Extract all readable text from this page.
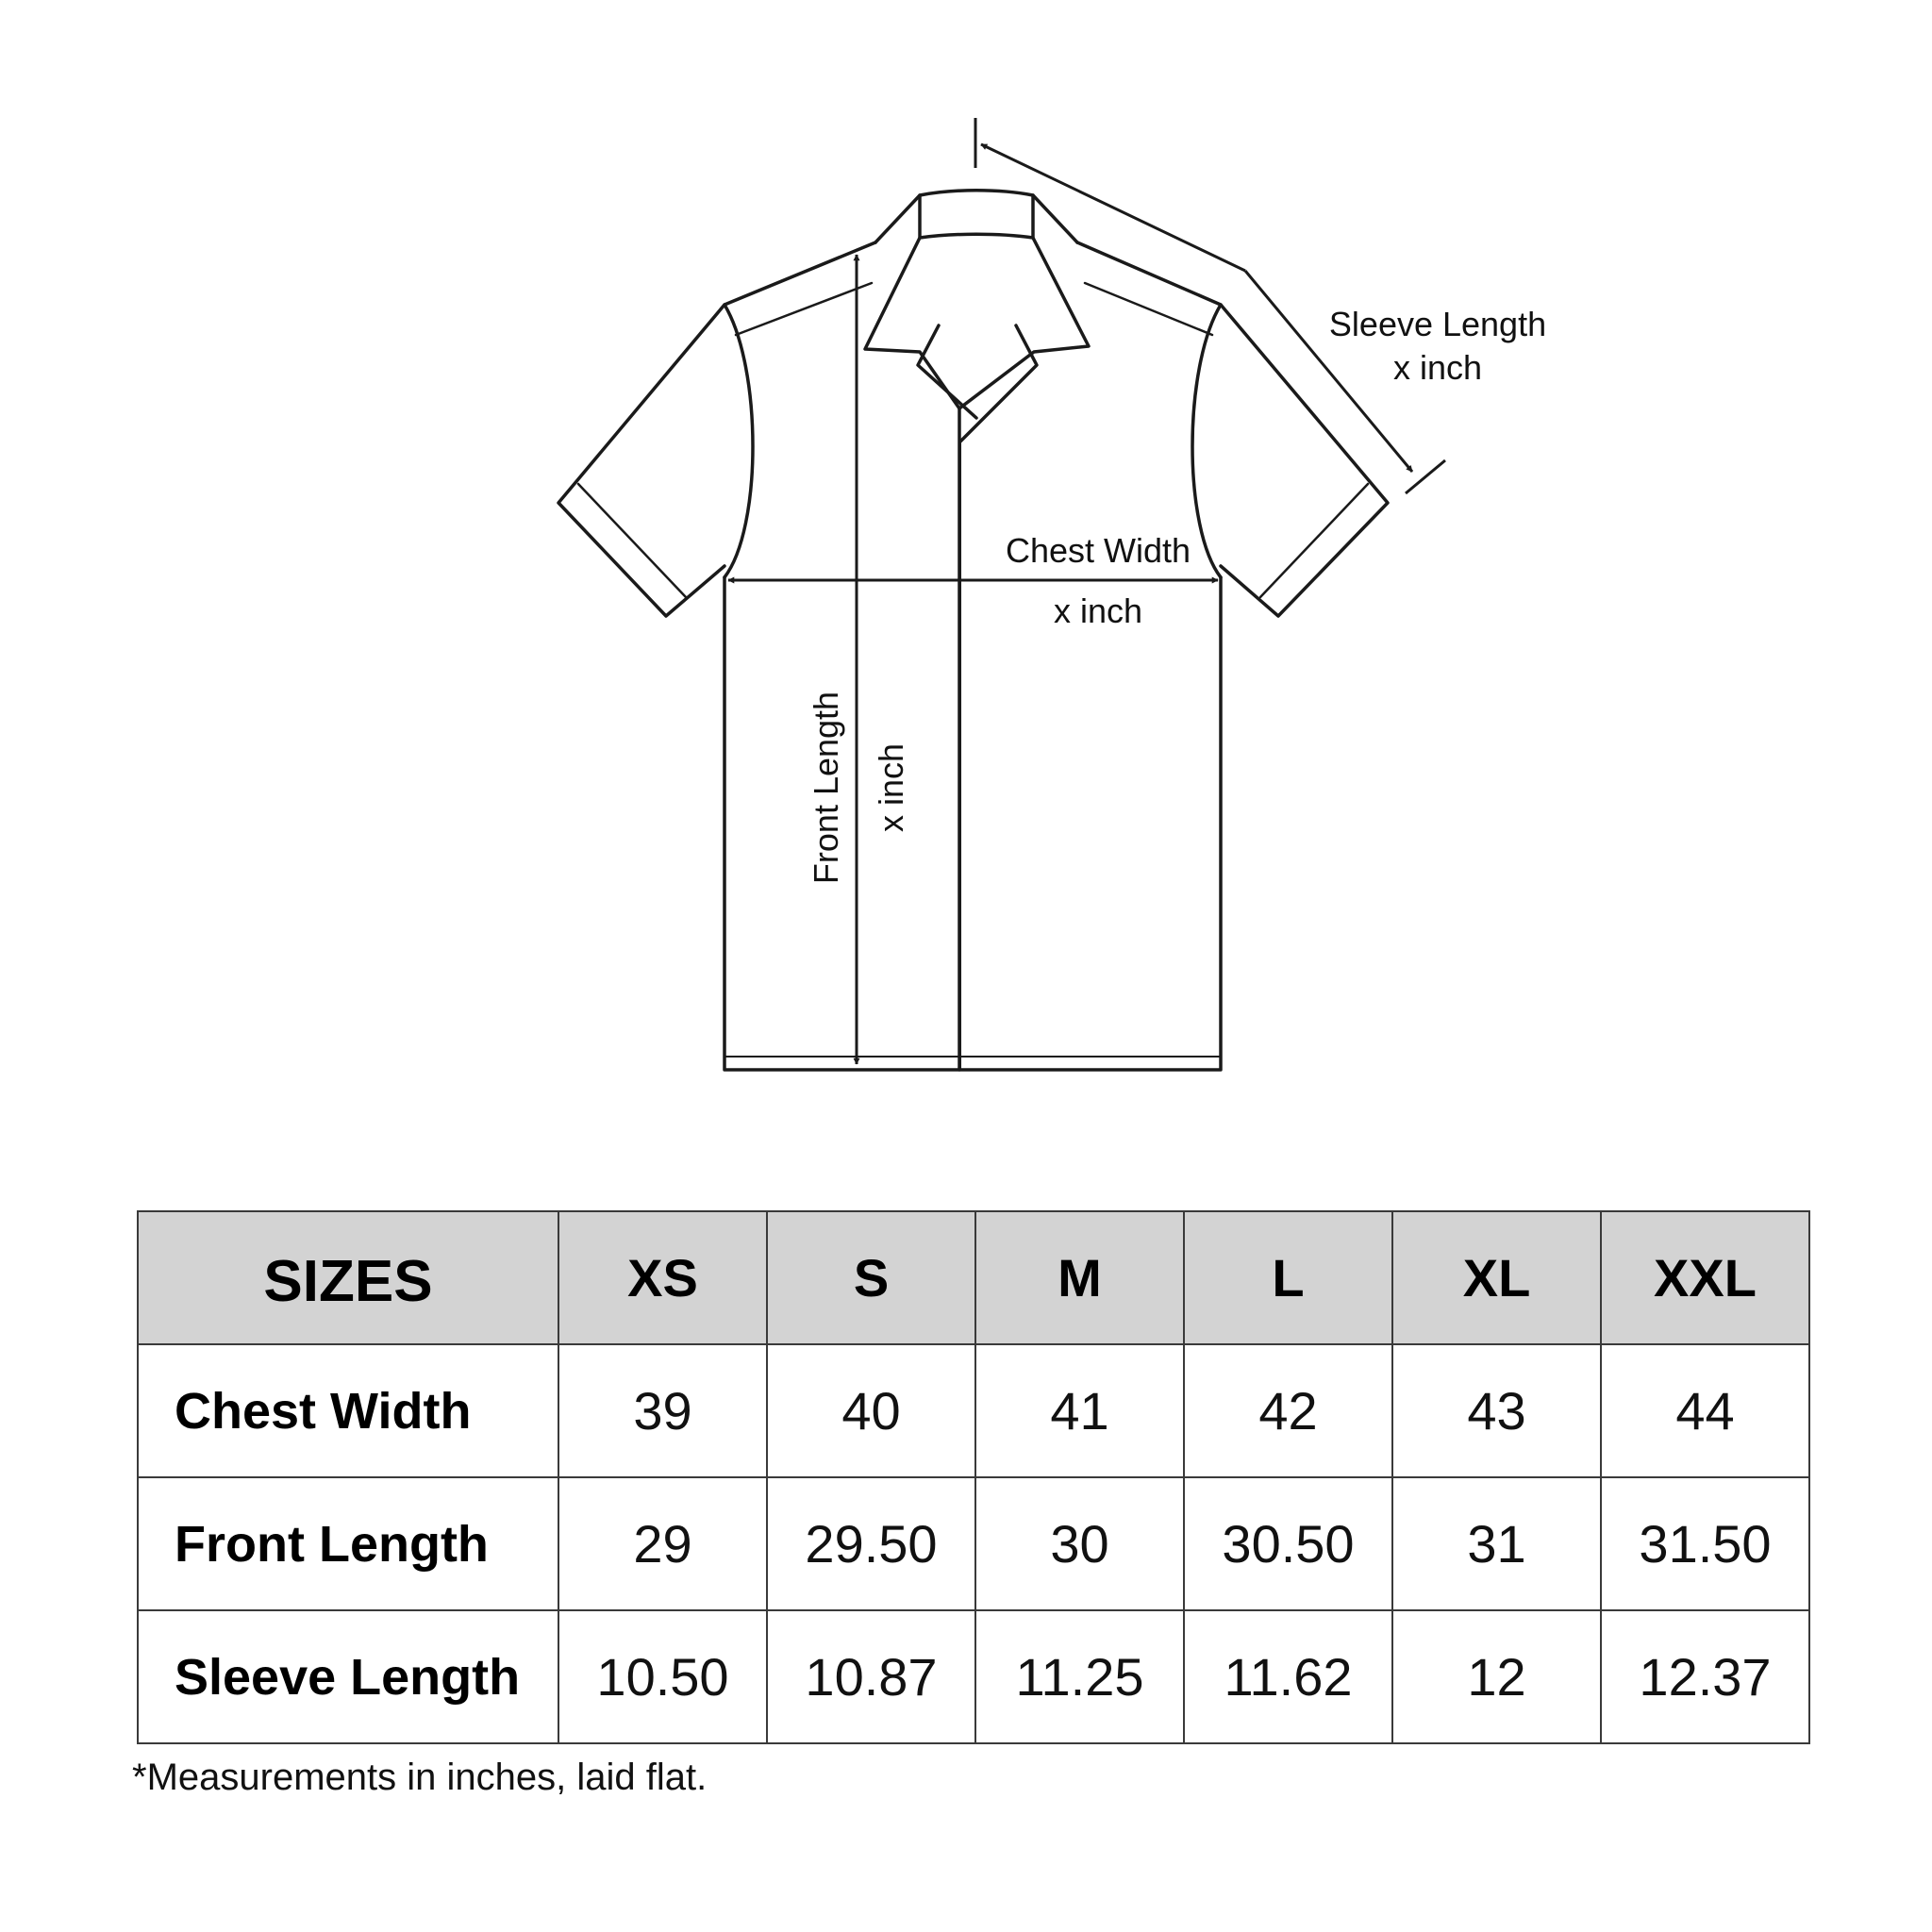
Sleeve Length
x inch
Chest Width
x inch
Front Length x inch
SIZES	XS	S	M	L	XL	XXL
Chest Width	39	40	41	42	43	44
Front Length	29	29.50	30	30.50	31	31.50
Sleeve Length	10.50	10.87	11.25	11.62	12	12.37
*Measurements in inches, laid flat.
